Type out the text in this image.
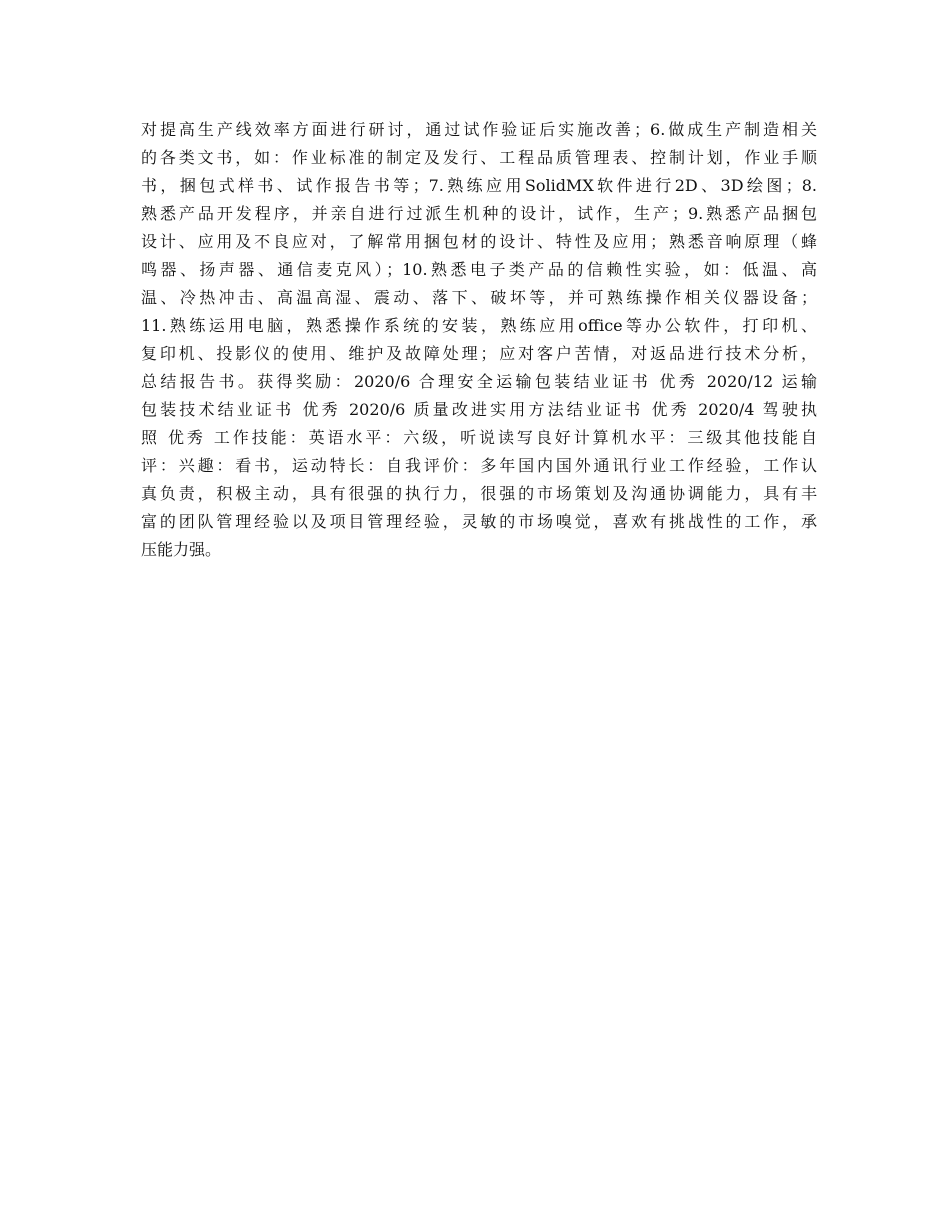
对提高生产线效率方面进行研讨，通过试作验证后实施改善；6.做成生产制造相关
的各类文书，如：作业标准的制定及发行、工程品质管理表、控制计划，作业手顺
书，捆包式样书、试作报告书等；7.熟练应用SolidMX软件进行2D、3D绘图；8.
熟悉产品开发程序，并亲自进行过派生机种的设计，试作，生产；9.熟悉产品捆包
设计、应用及不良应对，了解常用捆包材的设计、特性及应用；熟悉音响原理（蜂
鸣器、扬声器、通信麦克风）；10.熟悉电子类产品的信赖性实验，如：低温、高
温、冷热冲击、高温高湿、震动、落下、破坏等，并可熟练操作相关仪器设备；
11.熟练运用电脑，熟悉操作系统的安装，熟练应用office等办公软件，打印机、
复印机、投影仪的使用、维护及故障处理；应对客户苦情，对返品进行技术分析，
总结报告书。获得奖励：2020/6 合理安全运输包装结业证书 优秀 2020/12 运输
包装技术结业证书 优秀 2020/6 质量改进实用方法结业证书 优秀 2020/4 驾驶执
照 优秀 工作技能：英语水平：六级，听说读写良好计算机水平：三级其他技能自
评：兴趣：看书，运动特长：自我评价：多年国内国外通讯行业工作经验，工作认
真负责，积极主动，具有很强的执行力，很强的市场策划及沟通协调能力，具有丰
富的团队管理经验以及项目管理经验，灵敏的市场嗅觉，喜欢有挑战性的工作，承
压能力强。
